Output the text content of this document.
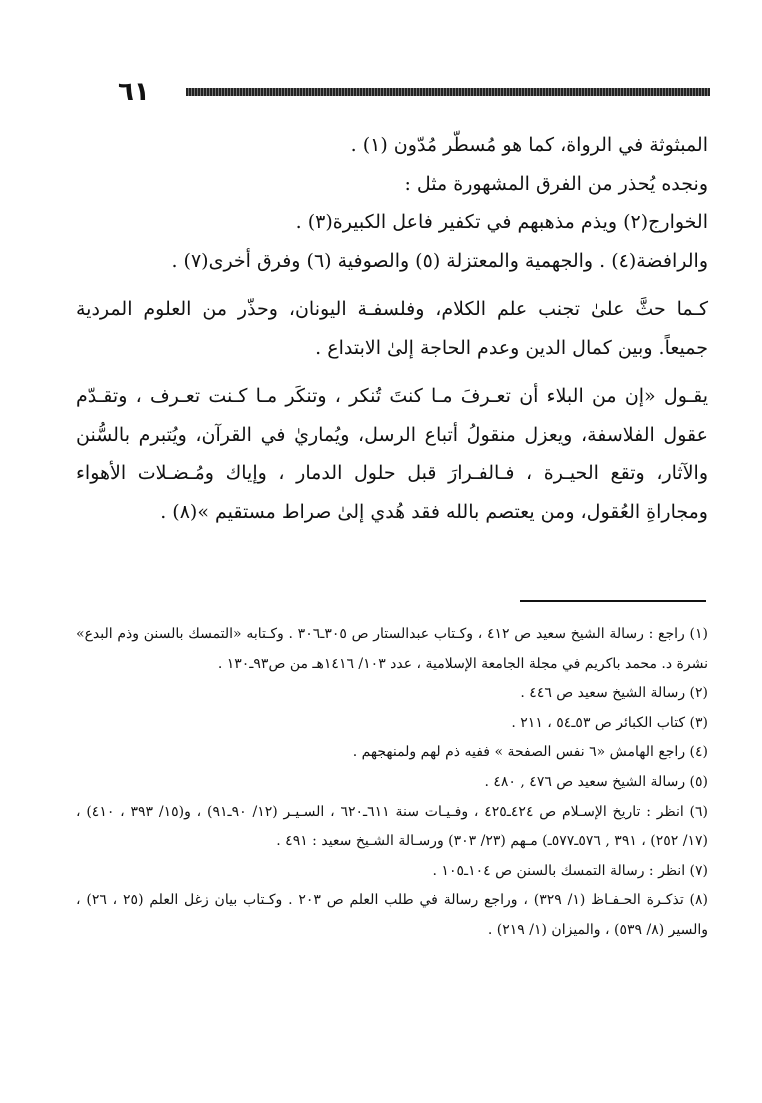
٦١

المبثوثة في الرواة، كما هو مُسطّر مُدّون (١) .

ونجده يُحذر من الفرق المشهورة مثل :

الخوارج(٢) ويذم مذهبهم في تكفير فاعل الكبيرة(٣) .

والرافضة(٤) . والجهمية والمعتزلة (٥) والصوفية (٦) وفرق أخرى(٧) .

كـما حثَّ علىٰ تجنب علم الكلام، وفلسفـة اليونان، وحذّر من العلوم المردية جميعاً. وبين كمال الدين وعدم الحاجة إلىٰ الابتداع .

يقـول «إن من البلاء أن تعـرفَ مـا كنتَ تُنكر ، وتنكَر مـا كـنت تعـرف ، وتقـدّم عقول الفلاسفة، ويعزل منقولُ أتباع الرسل، ويُماريٰ في القرآن، ويُتبرم بالسُّنن والآثار، وتقع الحيـرة ، فـالفـرارَ قبل حلول الدمار ، وإياك ومُـضـلات الأهواء ومجاراةِ العُقول، ومن يعتصم بالله فقد هُدي إلىٰ صراط مستقيم »(٨) .

(١) راجع : رسالة الشيخ سعيد ص ٤١٢ ، وكـتاب عبدالستار ص ٣٠٥ـ٣٠٦ . وكـتابه «التمسك بالسنن وذم البدع» نشرة د. محمد باكريم في مجلة الجامعة الإسلامية ، عدد ١٠٣/ ١٤١٦هـ من ص٩٣ـ١٣٠ .

(٢) رسالة الشيخ سعيد ص ٤٤٦ .

(٣) كتاب الكبائر ص ٥٣ـ٥٤ ، ٢١١ .

(٤) راجع الهامش «٦ نفس الصفحة » ففيه ذم لهم ولمنهجهم .

(٥) رسالة الشيخ سعيد ص ٤٧٦ , ٤٨٠ .

(٦) انظر : تاريخ الإسـلام ص ٤٢٤ـ٤٢٥ ، وفـيـات سنة ٦١١ـ٦٢٠ ، السـيـر (١٢/ ٩٠ـ٩١) ، و(١٥/ ٣٩٣ ، ٤١٠) ، (١٧/ ٢٥٢) ، ٣٩١ , ٥٧٦ـ٥٧٧ـ) مـهم (٢٣/ ٣٠٣) ورسـالة الشـيخ سعيد : ٤٩١ .

(٧) انظر : رسالة التمسك بالسنن ص ١٠٤ـ١٠٥ .

(٨) تذكـرة الحـفـاظ (١/ ٣٢٩) ، وراجع رسالة في طلب العلم ص ٢٠٣ . وكـتاب بيان زغل العلم (٢٥ ، ٢٦) ، والسير (٨/ ٥٣٩) ، والميزان (١/ ٢١٩) .
